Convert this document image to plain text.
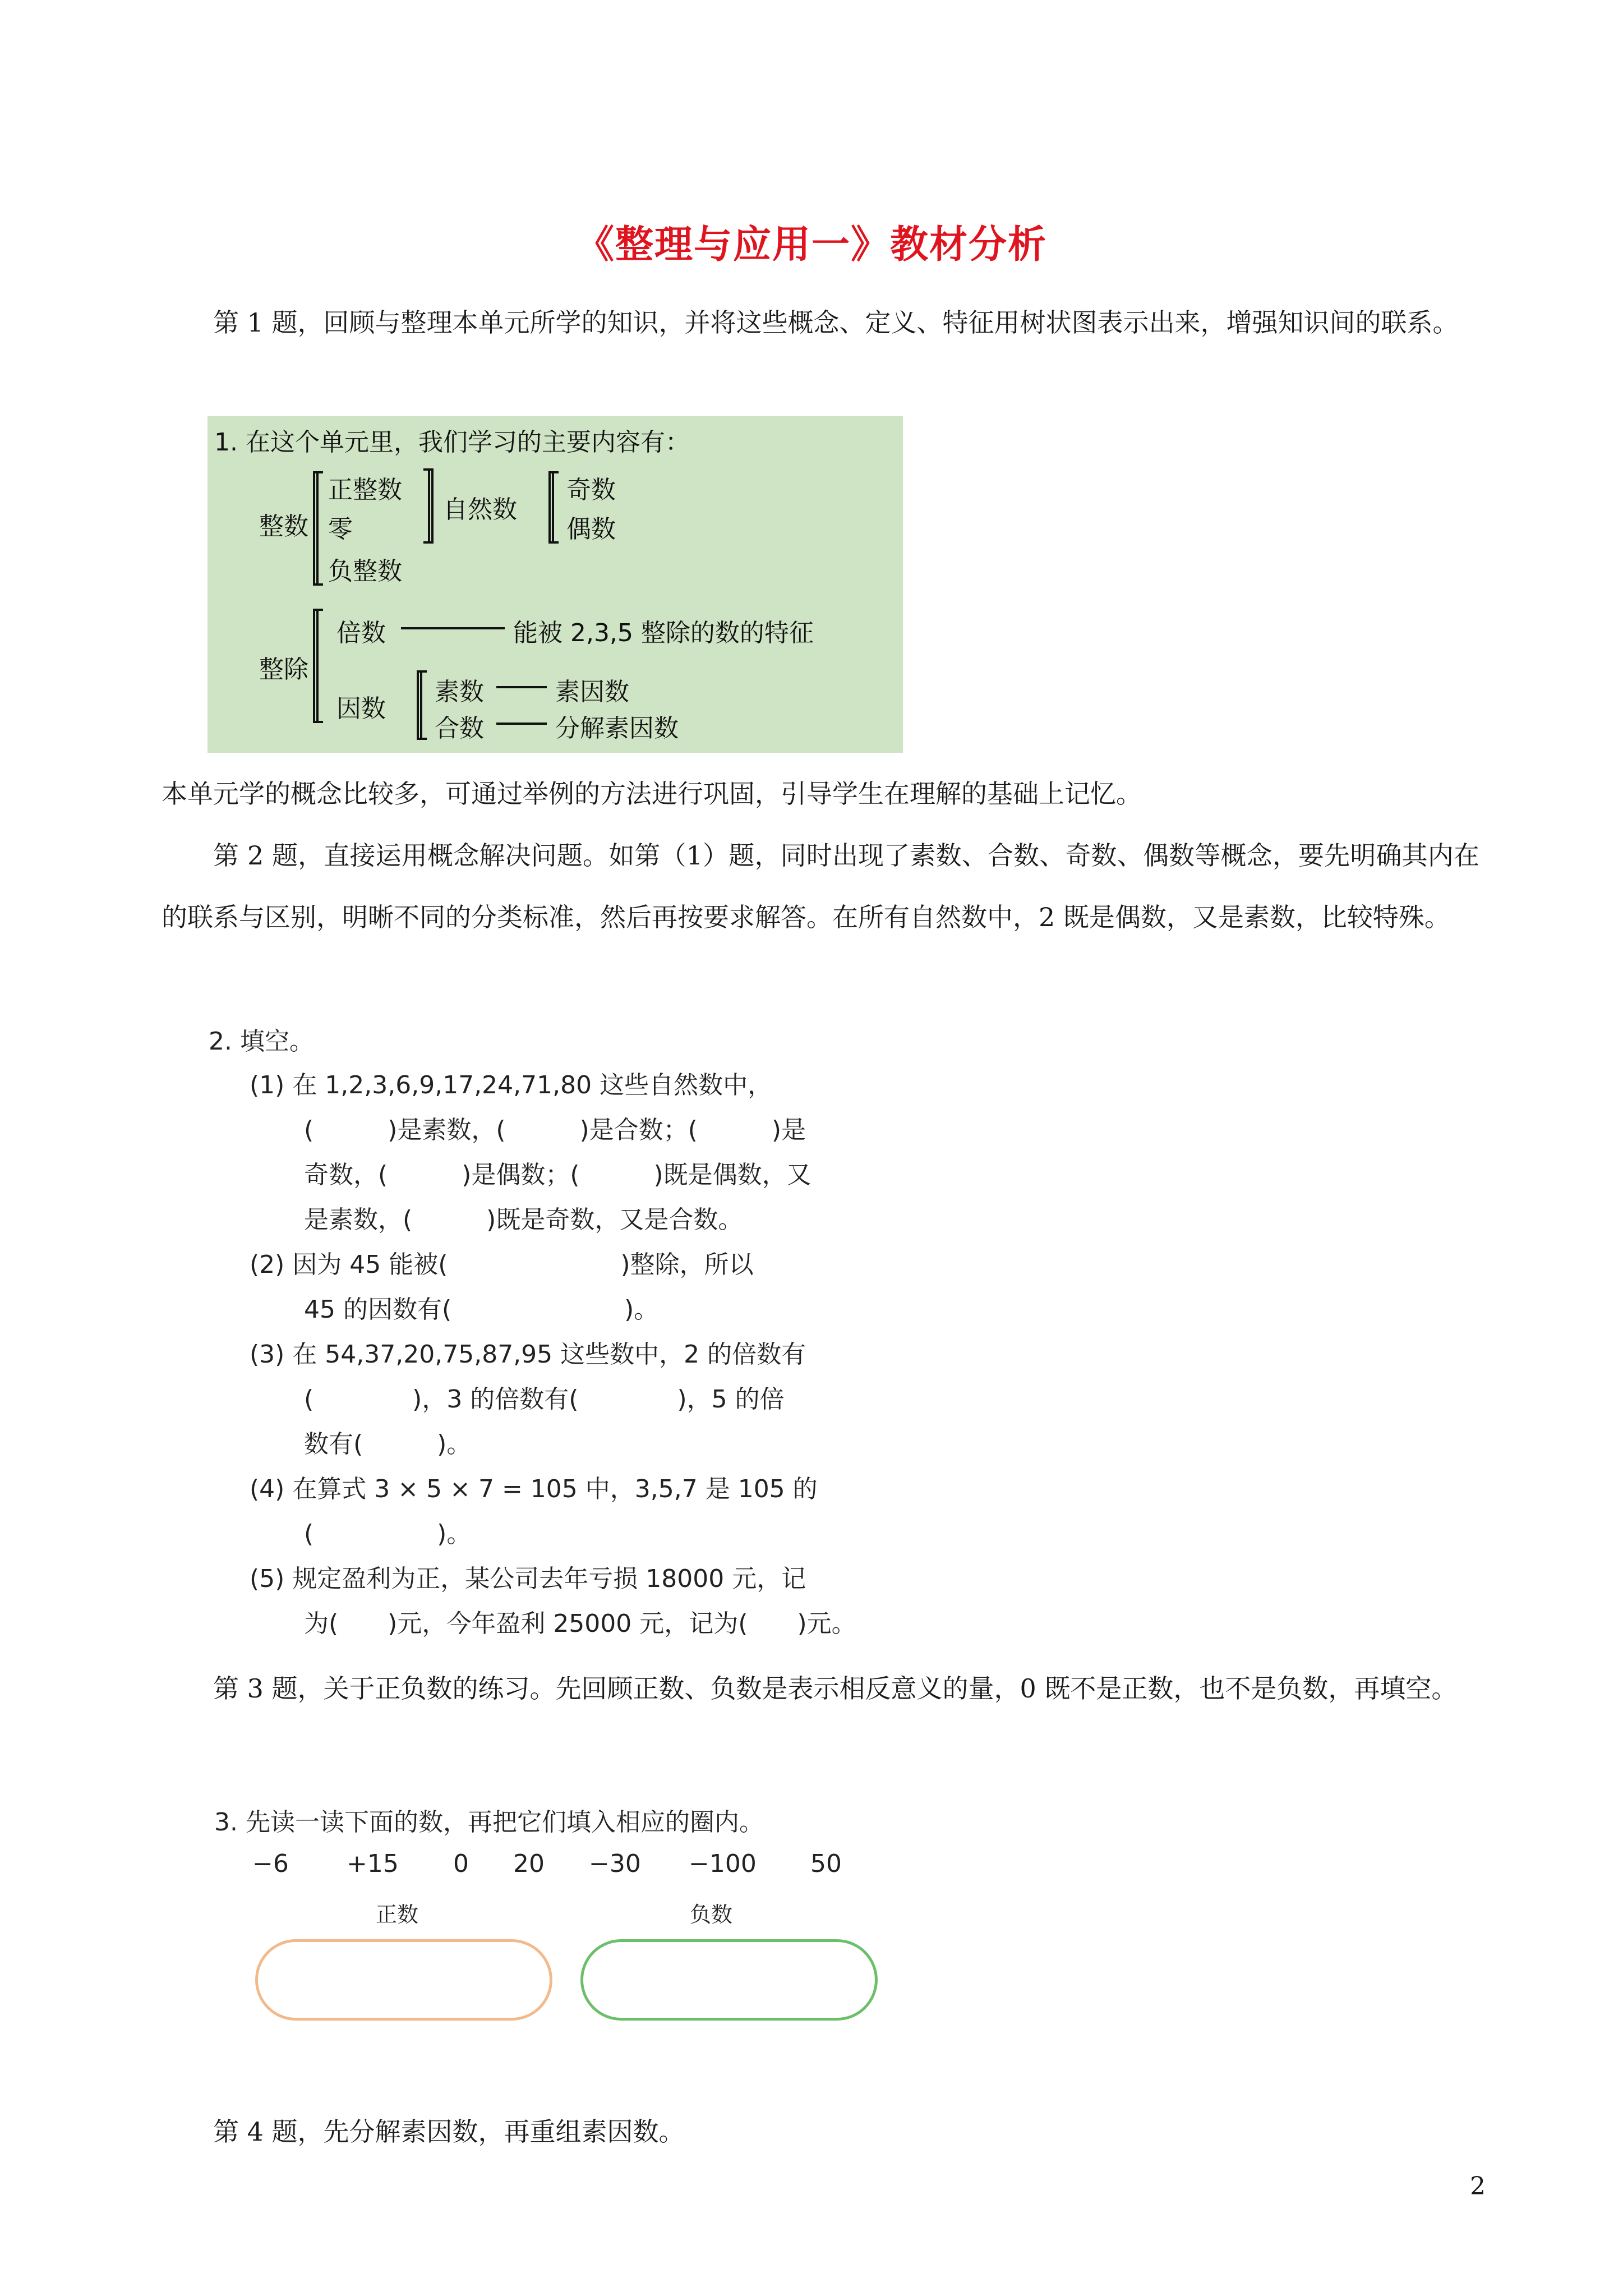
《整理与应用一》教材分析

第 1 题，回顾与整理本单元所学的知识，并将这些概念、定义、特征用树状图表示出来，增强知识间的联系。

1. 在这个单元里，我们学习的主要内容有：
整数
正整数
零
负整数
自然数
奇数
偶数
整除
倍数	能被 2,3,5 整除的数的特征
因数
素数	素因数
合数	分解素因数

本单元学的概念比较多，可通过举例的方法进行巩固，引导学生在理解的基础上记忆。

第 2 题，直接运用概念解决问题。如第（1）题，同时出现了素数、合数、奇数、偶数等概念，要先明确其内在的联系与区别，明晰不同的分类标准，然后再按要求解答。在所有自然数中，2 既是偶数，又是素数，比较特殊。

2. 填空。
(1) 在 1,2,3,6,9,17,24,71,80 这些自然数中，
(　　　)是素数，(　　　)是合数；(　　　)是
奇数，(　　　)是偶数；(　　　)既是偶数，又
是素数，(　　　)既是奇数，又是合数。
(2) 因为 45 能被(　　　　　　　)整除，所以
45 的因数有(　　　　　　　)。
(3) 在 54,37,20,75,87,95 这些数中，2 的倍数有
(　　　　)，3 的倍数有(　　　　)，5 的倍
数有(　　　)。
(4) 在算式 3 × 5 × 7 = 105 中，3,5,7 是 105 的
(　　　　　)。
(5) 规定盈利为正，某公司去年亏损 18000 元，记
为(　　)元，今年盈利 25000 元，记为(　　)元。

第 3 题，关于正负数的练习。先回顾正数、负数是表示相反意义的量，0 既不是正数，也不是负数，再填空。

3. 先读一读下面的数，再把它们填入相应的圈内。
−6 +15 0 20 −30 −100 50
正数	负数

第 4 题，先分解素因数，再重组素因数。

2
